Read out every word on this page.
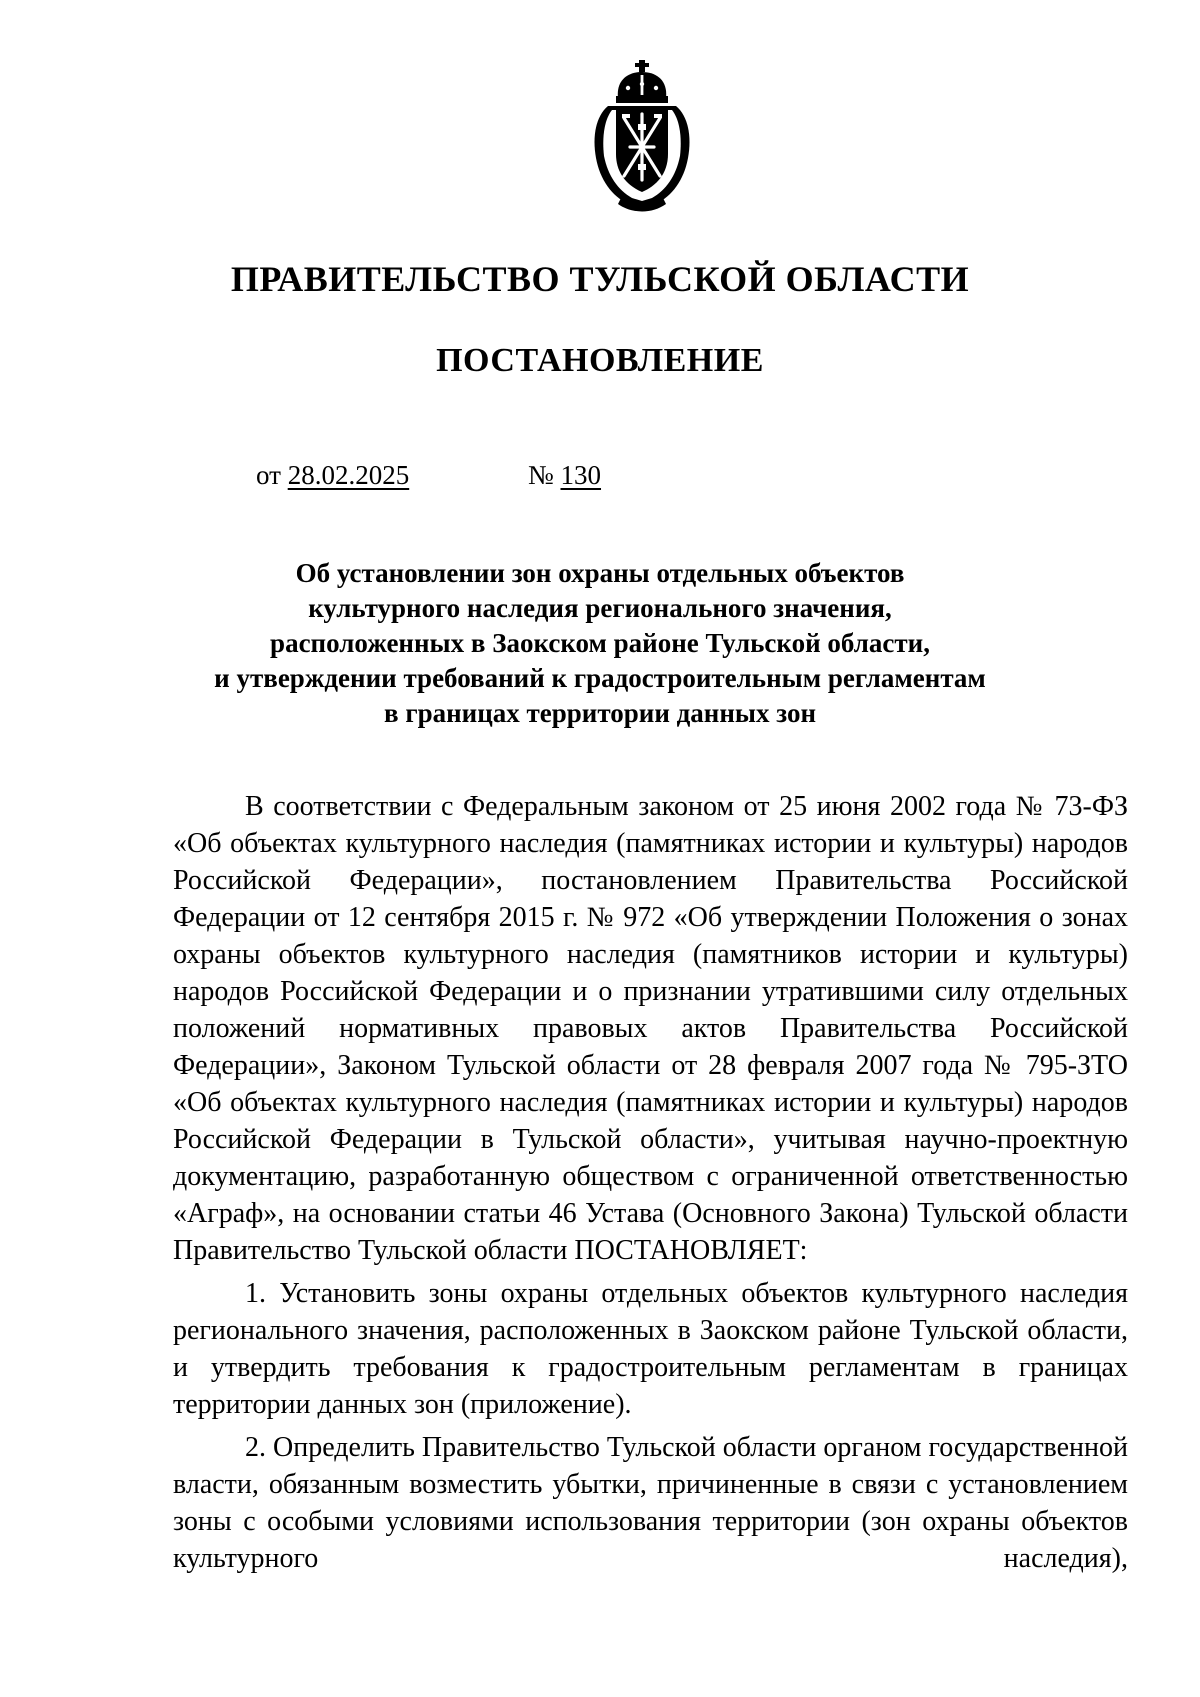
ПРАВИТЕЛЬСТВО ТУЛЬСКОЙ ОБЛАСТИ
ПОСТАНОВЛЕНИЕ
от 28.02.2025	№ 130
Об установлении зон охраны отдельных объектов
культурного наследия регионального значения,
расположенных в Заокском районе Тульской области,
и утверждении требований к градостроительным регламентам
в границах территории данных зон

В соответствии с Федеральным законом от 25 июня 2002 года № 73-ФЗ «Об объектах культурного наследия (памятниках истории и культуры) народов Российской Федерации», постановлением Правительства Российской Федерации от 12 сентября 2015 г. № 972 «Об утверждении Положения о зонах охраны объектов культурного наследия (памятников истории и культуры) народов Российской Федерации и о признании утратившими силу отдельных положений нормативных правовых актов Правительства Российской Федерации», Законом Тульской области от 28 февраля 2007 года № 795-ЗТО «Об объектах культурного наследия (памятниках истории и культуры) народов Российской Федерации в Тульской области», учитывая научно-проектную документацию, разработанную обществом с ограниченной ответственностью «Аграф», на основании статьи 46 Устава (Основного Закона) Тульской области Правительство Тульской области ПОСТАНОВЛЯЕТ:

1. Установить зоны охраны отдельных объектов культурного наследия регионального значения, расположенных в Заокском районе Тульской области, и утвердить требования к градостроительным регламентам в границах территории данных зон (приложение).

2. Определить Правительство Тульской области органом государственной власти, обязанным возместить убытки, причиненные в связи с установлением зоны с особыми условиями использования территории (зон охраны объектов культурного наследия),
